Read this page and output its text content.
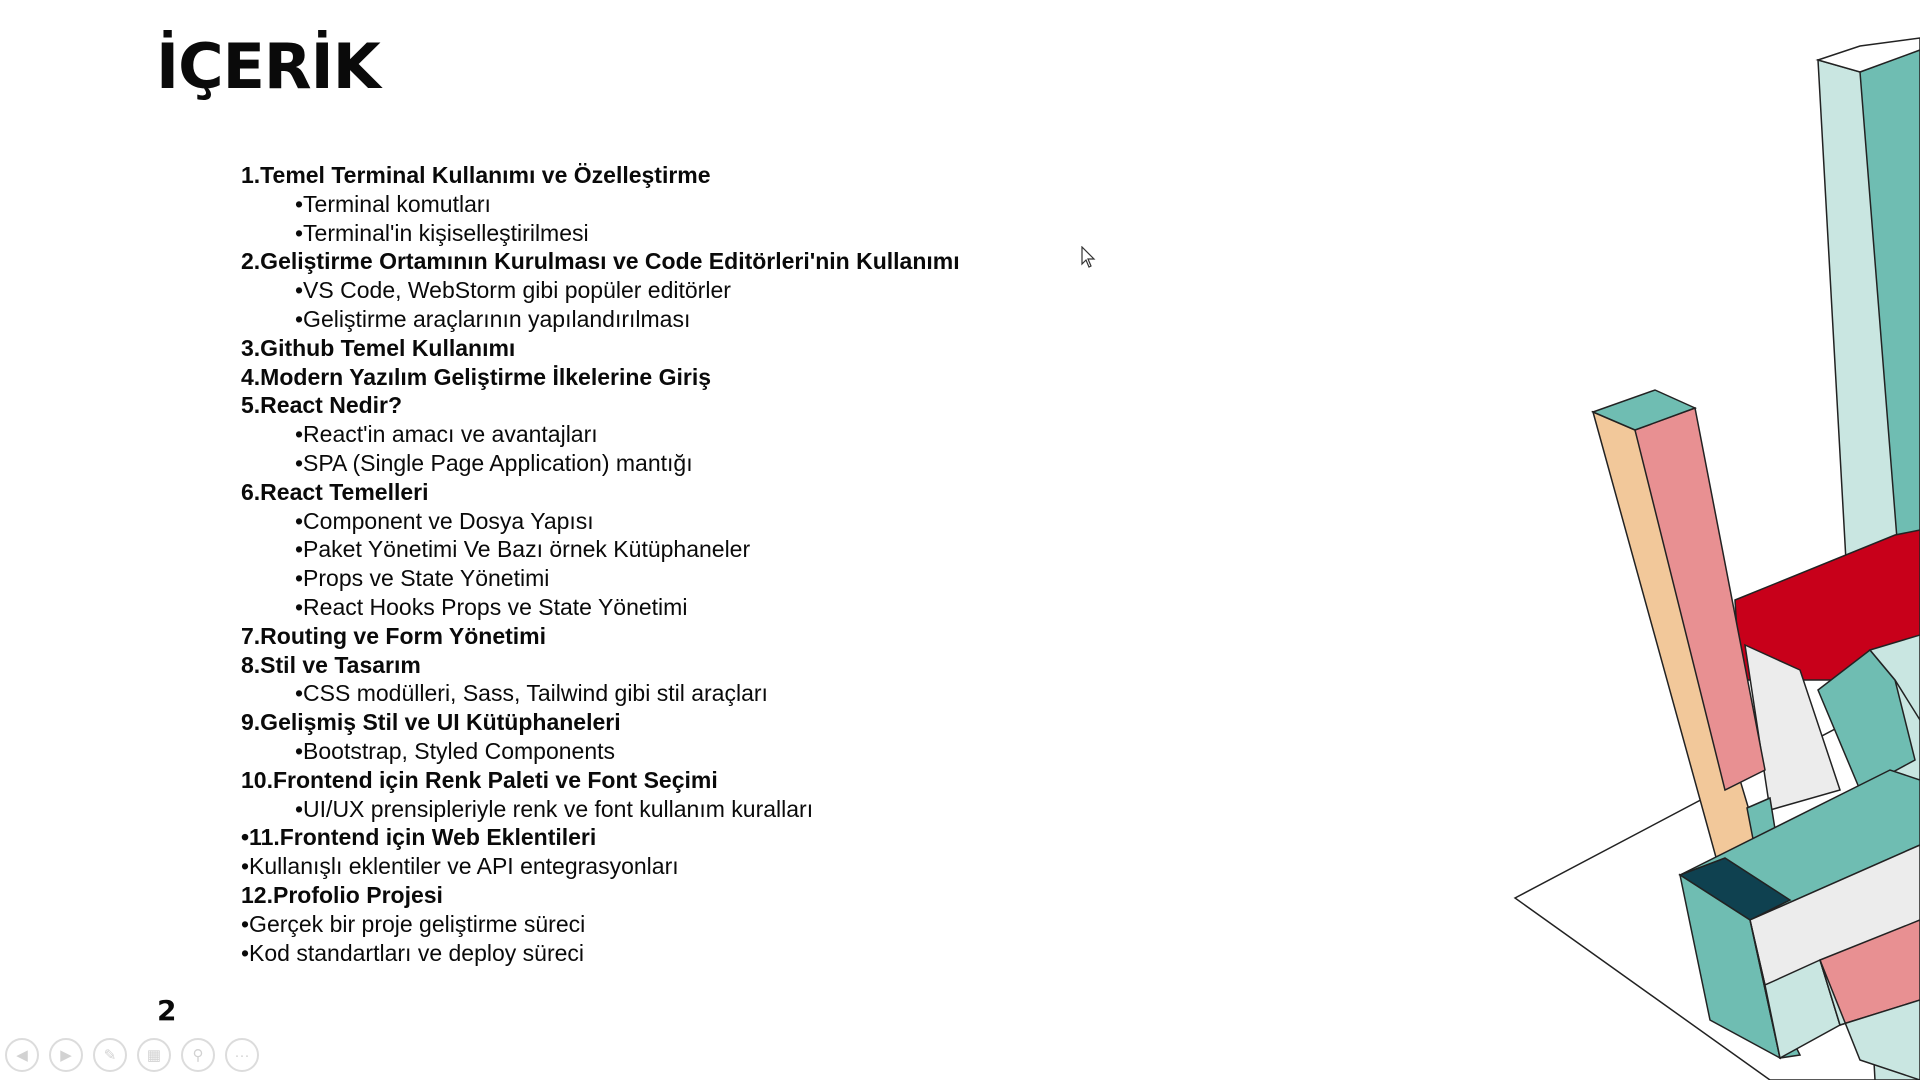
İÇERİK
1.Temel Terminal Kullanımı ve Özelleştirme
•Terminal komutları
•Terminal'in kişiselleştirilmesi
2.Geliştirme Ortamının Kurulması ve Code Editörleri'nin Kullanımı
•VS Code, WebStorm gibi popüler editörler
•Geliştirme araçlarının yapılandırılması
3.Github Temel Kullanımı
4.Modern Yazılım Geliştirme İlkelerine Giriş
5.React Nedir?
•React'in amacı ve avantajları
•SPA (Single Page Application) mantığı
6.React Temelleri
•Component ve Dosya Yapısı
•Paket Yönetimi Ve Bazı örnek Kütüphaneler
•Props ve State Yönetimi
•React Hooks Props ve State Yönetimi
7.Routing ve Form Yönetimi
8.Stil ve Tasarım
•CSS modülleri, Sass, Tailwind gibi stil araçları
9.Gelişmiş Stil ve UI Kütüphaneleri
•Bootstrap, Styled Components
10.Frontend için Renk Paleti ve Font Seçimi
•UI/UX prensipleriyle renk ve font kullanım kuralları
•11.Frontend için Web Eklentileri
•Kullanışlı eklentiler ve API entegrasyonları
12.Profolio Projesi
•Gerçek bir proje geliştirme süreci
•Kod standartları ve deploy süreci
2
◀ ▶ ✎ ▦ ⚲ ···
